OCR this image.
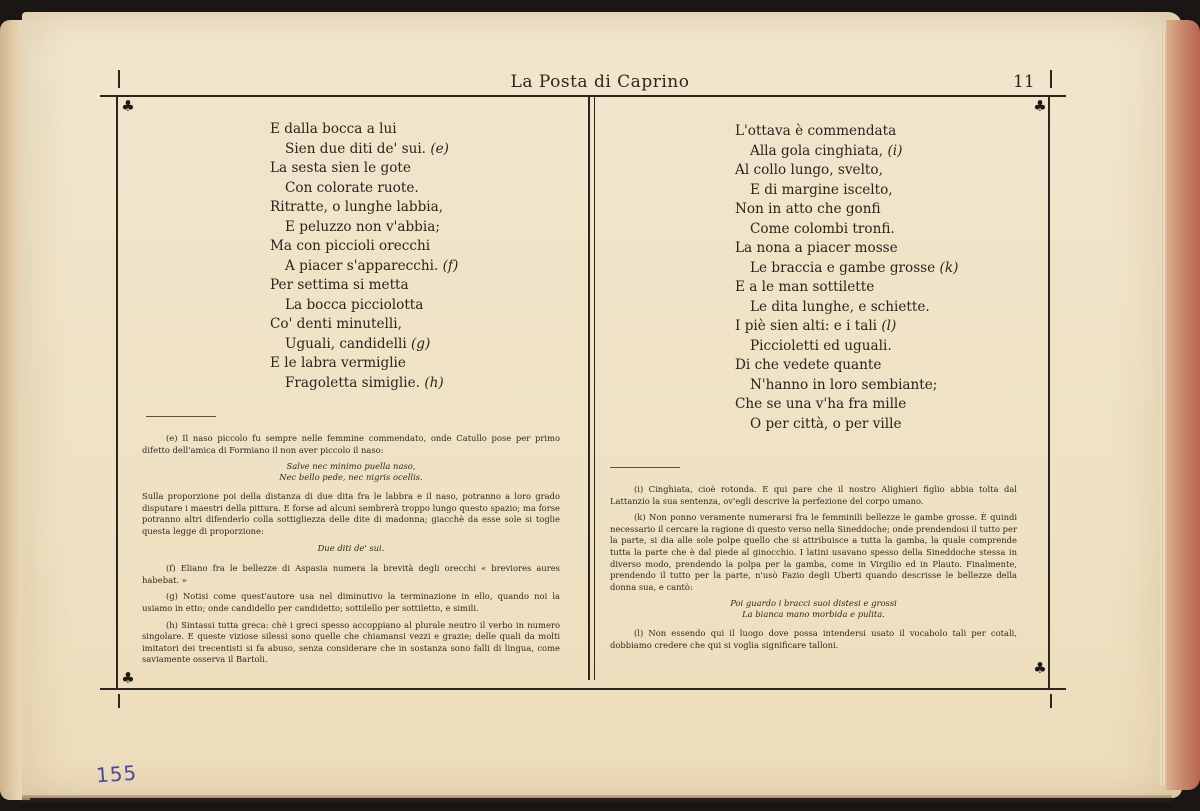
La Posta di Caprino	11
♣	♣
♣
♣
E dalla bocca a lui
Sien due diti de' sui. (e)
La sesta sien le gote
Con colorate ruote.
Ritratte, o lunghe labbia,
E peluzzo non v'abbia;
Ma con piccioli orecchi
A piacer s'apparecchi. (f)
Per settima si metta
La bocca picciolotta
Co' denti minutelli,
Uguali, candidelli (g)
E le labra vermiglie
Fragoletta simiglie. (h)
L'ottava è commendata
Alla gola cinghiata, (i)
Al collo lungo, svelto,
E di margine iscelto,
Non in atto che gonfi
Come colombi tronfi.
La nona a piacer mosse
Le braccia e gambe grosse (k)
E a le man sottilette
Le dita lunghe, e schiette.
I piè sien alti: e i tali (l)
Piccioletti ed uguali.
Di che vedete quante
N'hanno in loro sembiante;
Che se una v'ha fra mille
O per città, o per ville

(e) Il naso piccolo fu sempre nelle femmine commendato, onde Catullo pose per primo difetto dell'amica di Formiano il non aver piccolo il naso:

Salve nec minimo puella naso,
Nec bello pede, nec nigris ocellis.

Sulla proporzione poi della distanza di due dita fra le labbra e il naso, potranno a loro grado disputare i maestri della pittura. E forse ad alcuni sembrerà troppo lungo questo spazio; ma forse potranno altri difenderlo colla sottigliezza delle dite di madonna; giacchè da esse sole si toglie questa legge di proporzione:

Due diti de' sui.

(f) Eliano fra le bellezze di Aspasia numera la brevità degli orecchi « breviores aures habebat. »

(g) Notisi come quest'autore usa nel diminutivo la terminazione in ello, quando noi la usiamo in etto; onde candidello per candidetto; sottilello per sottiletto, e simili.

(h) Sintassi tutta greca: chè i greci spesso accoppiano al plurale neutro il verbo in numero singolare. E queste viziose silessi sono quelle che chiamansi vezzi e grazie; delle quali da molti imitatori dei trecentisti si fa abuso, senza considerare che in sostanza sono falli di lingua, come saviamente osserva il Bartoli.

(i) Cinghiata, cioè rotonda. E qui pare che il nostro Alighieri figlio abbia tolta dal Lattanzio la sua sentenza, ov'egli descrive la perfezione del corpo umano.

(k) Non ponno veramente numerarsi fra le femminili bellezze le gambe grosse. È quindi necessario il cercare la ragione di questo verso nella Sineddoche; onde prendendosi il tutto per la parte, si dia alle sole polpe quello che si attribuisce a tutta la gamba, la quale comprende tutta la parte che è dal piede al ginocchio. I latini usavano spesso della Sineddoche stessa in diverso modo, prendendo la polpa per la gamba, come in Virgilio ed in Plauto. Finalmente, prendendo il tutto per la parte, n'usò Fazio degli Uberti quando descrisse le bellezze della donna sua, e cantò:

Poi guardo i bracci suoi distesi e grossi
La bianca mano morbida e pulita.

(l) Non essendo qui il luogo dove possa intendersi usato il vocabolo tali per cotali, dobbiamo credere che qui si voglia significare talloni.

155
